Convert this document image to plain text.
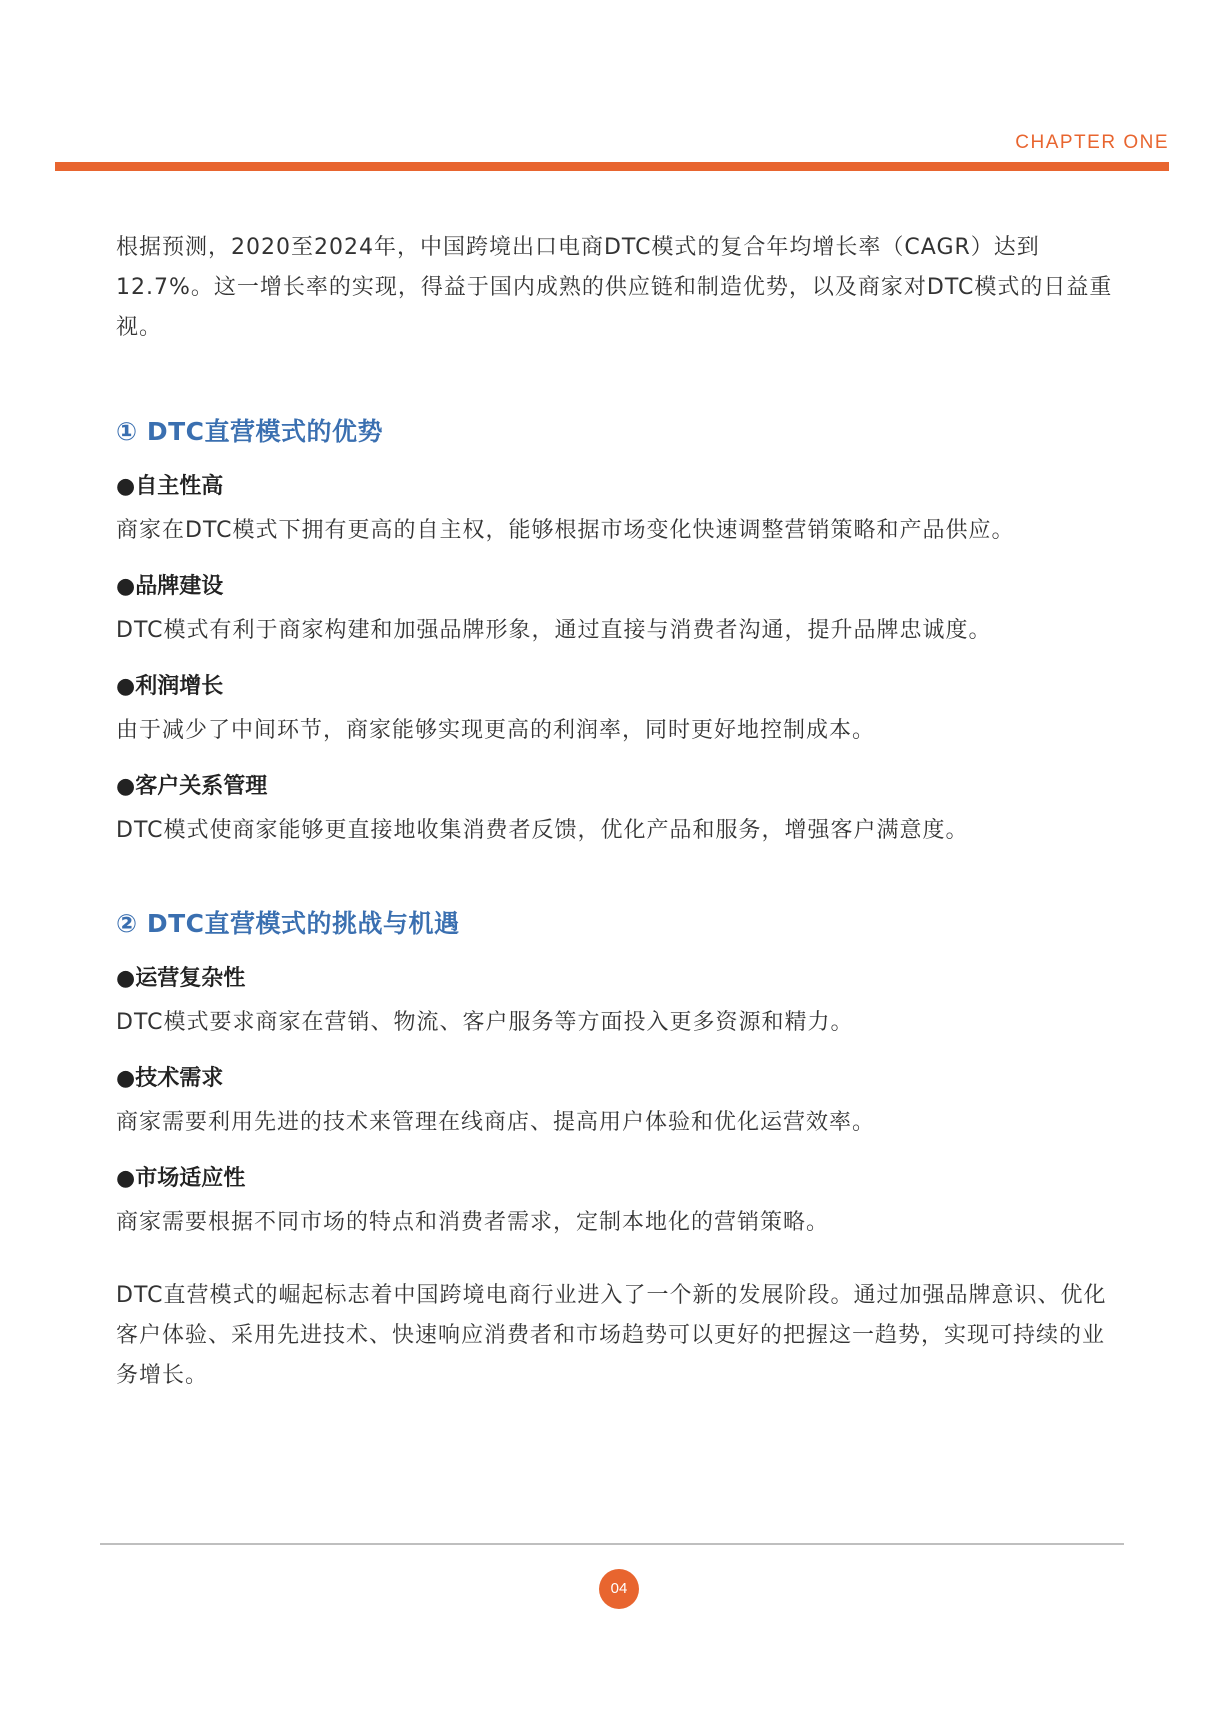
CHAPTER ONE

根据预测，2020至2024年，中国跨境出口电商DTC模式的复合年均增长率（CAGR）达到12.7%。这一增长率的实现，得益于国内成熟的供应链和制造优势，以及商家对DTC模式的日益重视。

① DTC直营模式的优势
●自主性高
商家在DTC模式下拥有更高的自主权，能够根据市场变化快速调整营销策略和产品供应。
●品牌建设
DTC模式有利于商家构建和加强品牌形象，通过直接与消费者沟通，提升品牌忠诚度。
●利润增长
由于减少了中间环节，商家能够实现更高的利润率，同时更好地控制成本。
●客户关系管理
DTC模式使商家能够更直接地收集消费者反馈，优化产品和服务，增强客户满意度。
② DTC直营模式的挑战与机遇
●运营复杂性
DTC模式要求商家在营销、物流、客户服务等方面投入更多资源和精力。
●技术需求
商家需要利用先进的技术来管理在线商店、提高用户体验和优化运营效率。
●市场适应性
商家需要根据不同市场的特点和消费者需求，定制本地化的营销策略。

DTC直营模式的崛起标志着中国跨境电商行业进入了一个新的发展阶段。通过加强品牌意识、优化客户体验、采用先进技术、快速响应消费者和市场趋势可以更好的把握这一趋势，实现可持续的业务增长。

04
